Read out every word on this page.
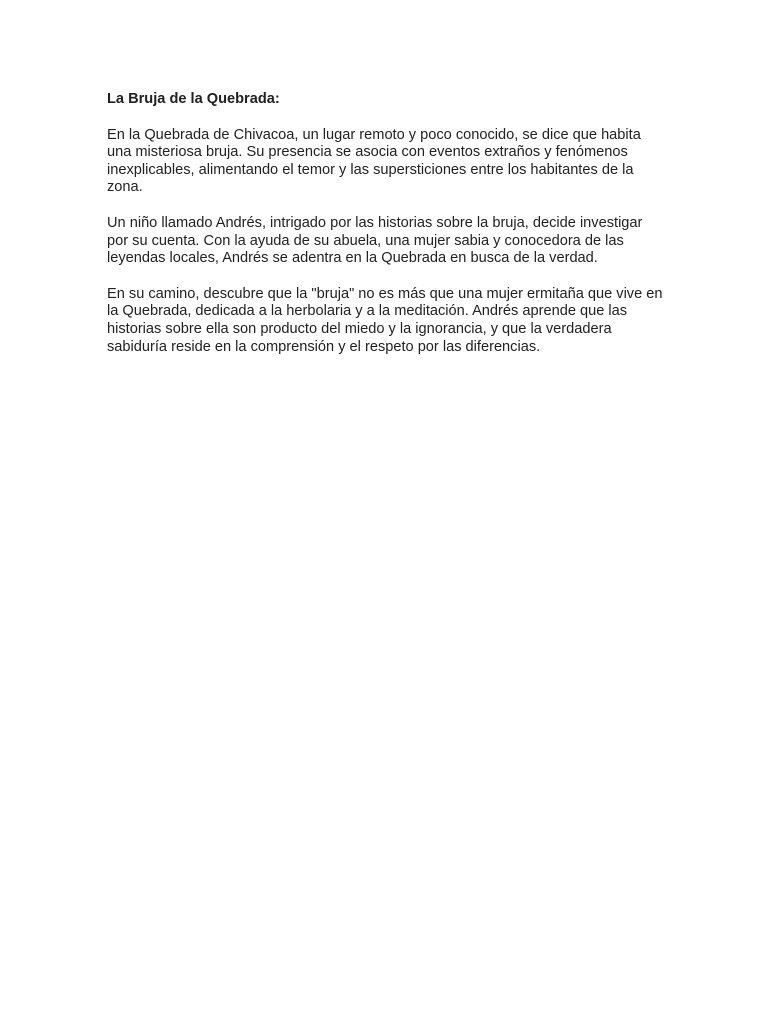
La Bruja de la Quebrada:

En la Quebrada de Chivacoa, un lugar remoto y poco conocido, se dice que habita una misteriosa bruja. Su presencia se asocia con eventos extraños y fenómenos inexplicables, alimentando el temor y las supersticiones entre los habitantes de la zona.

Un niño llamado Andrés, intrigado por las historias sobre la bruja, decide investigar por su cuenta. Con la ayuda de su abuela, una mujer sabia y conocedora de las leyendas locales, Andrés se adentra en la Quebrada en busca de la verdad.

En su camino, descubre que la "bruja" no es más que una mujer ermitaña que vive en la Quebrada, dedicada a la herbolaria y a la meditación. Andrés aprende que las historias sobre ella son producto del miedo y la ignorancia, y que la verdadera sabiduría reside en la comprensión y el respeto por las diferencias.
